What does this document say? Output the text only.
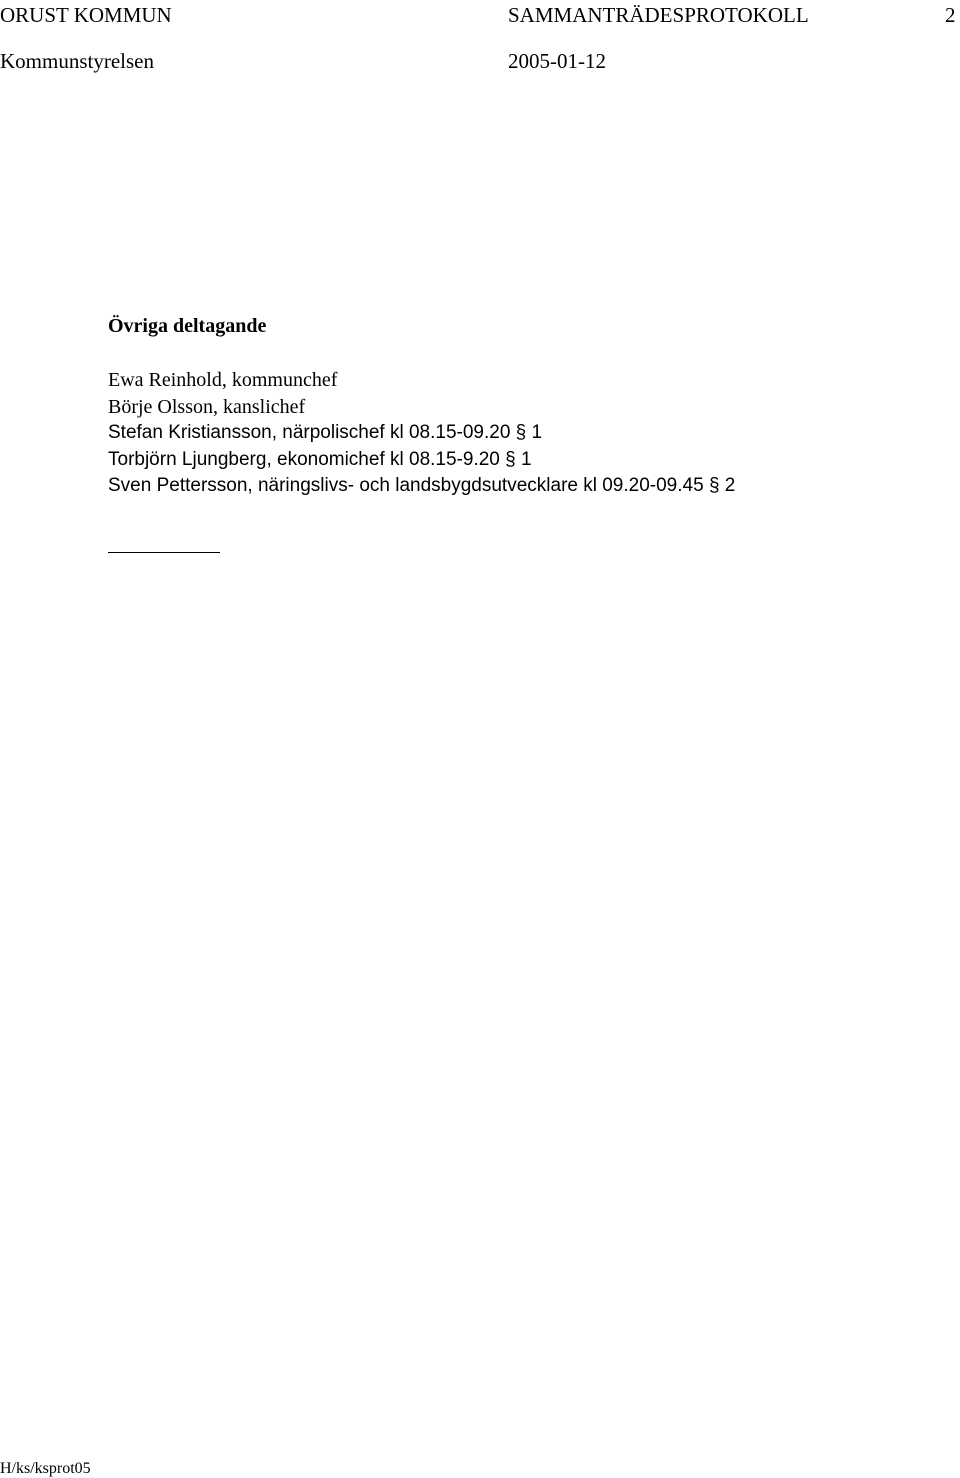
ORUST KOMMUN	SAMMANTRÄDESPROTOKOLL	2
Kommunstyrelsen	2005-01-12
Övriga deltagande
Ewa Reinhold, kommunchef
Börje Olsson, kanslichef
Stefan Kristiansson, närpolischef kl 08.15-09.20 § 1
Torbjörn Ljungberg, ekonomichef kl 08.15-9.20 § 1
Sven Pettersson, näringslivs- och landsbygdsutvecklare kl 09.20-09.45 § 2
H/ks/ksprot05
